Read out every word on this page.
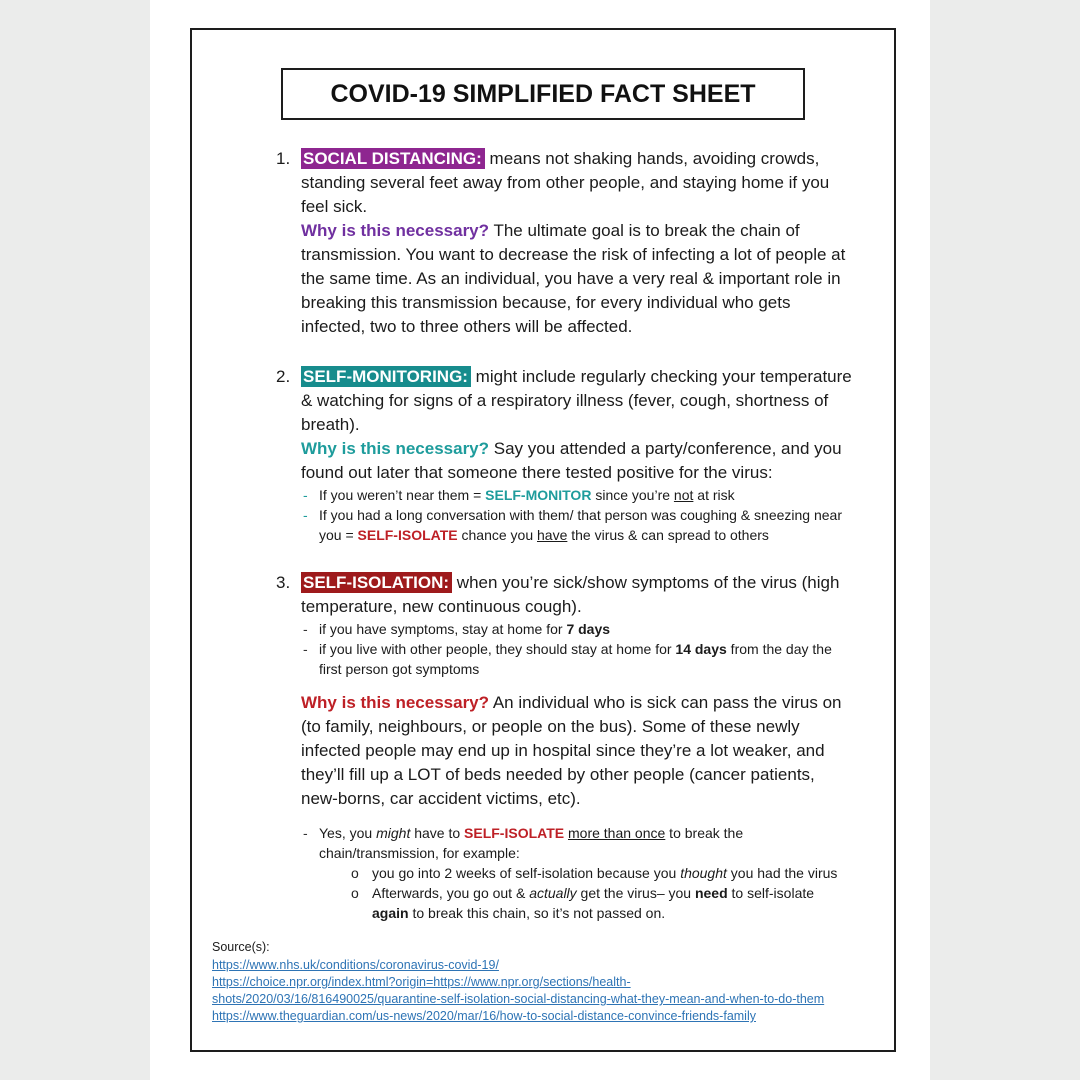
COVID-19 SIMPLIFIED FACT SHEET
1. SOCIAL DISTANCING: means not shaking hands, avoiding crowds, standing several feet away from other people, and staying home if you feel sick.

Why is this necessary? The ultimate goal is to break the chain of transmission. You want to decrease the risk of infecting a lot of people at the same time. As an individual, you have a very real & important role in breaking this transmission because, for every individual who gets infected, two to three others will be affected.

2. SELF-MONITORING: might include regularly checking your temperature & watching for signs of a respiratory illness (fever, cough, shortness of breath).

Why is this necessary? Say you attended a party/conference, and you found out later that someone there tested positive for the virus:

- If you weren’t near them = SELF-MONITOR since you’re not at risk

- If you had a long conversation with them/ that person was coughing & sneezing near you = SELF-ISOLATE chance you have the virus & can spread to others

3. SELF-ISOLATION: when you’re sick/show symptoms of the virus (high temperature, new continuous cough).

- if you have symptoms, stay at home for 7 days

- if you live with other people, they should stay at home for 14 days from the day the first person got symptoms

Why is this necessary? An individual who is sick can pass the virus on (to family, neighbours, or people on the bus). Some of these newly infected people may end up in hospital since they’re a lot weaker, and they’ll fill up a LOT of beds needed by other people (cancer patients, new-borns, car accident victims, etc).

- Yes, you might have to SELF-ISOLATE more than once to break the chain/transmission, for example:

o you go into 2 weeks of self-isolation because you thought you had the virus

o Afterwards, you go out & actually get the virus– you need to self-isolate again to break this chain, so it’s not passed on.

Source(s):

https://www.nhs.uk/conditions/coronavirus-covid-19/
https://choice.npr.org/index.html?origin=https://www.npr.org/sections/health-shots/2020/03/16/816490025/quarantine-self-isolation-social-distancing-what-they-mean-and-when-to-do-them
https://www.theguardian.com/us-news/2020/mar/16/how-to-social-distance-convince-friends-family
